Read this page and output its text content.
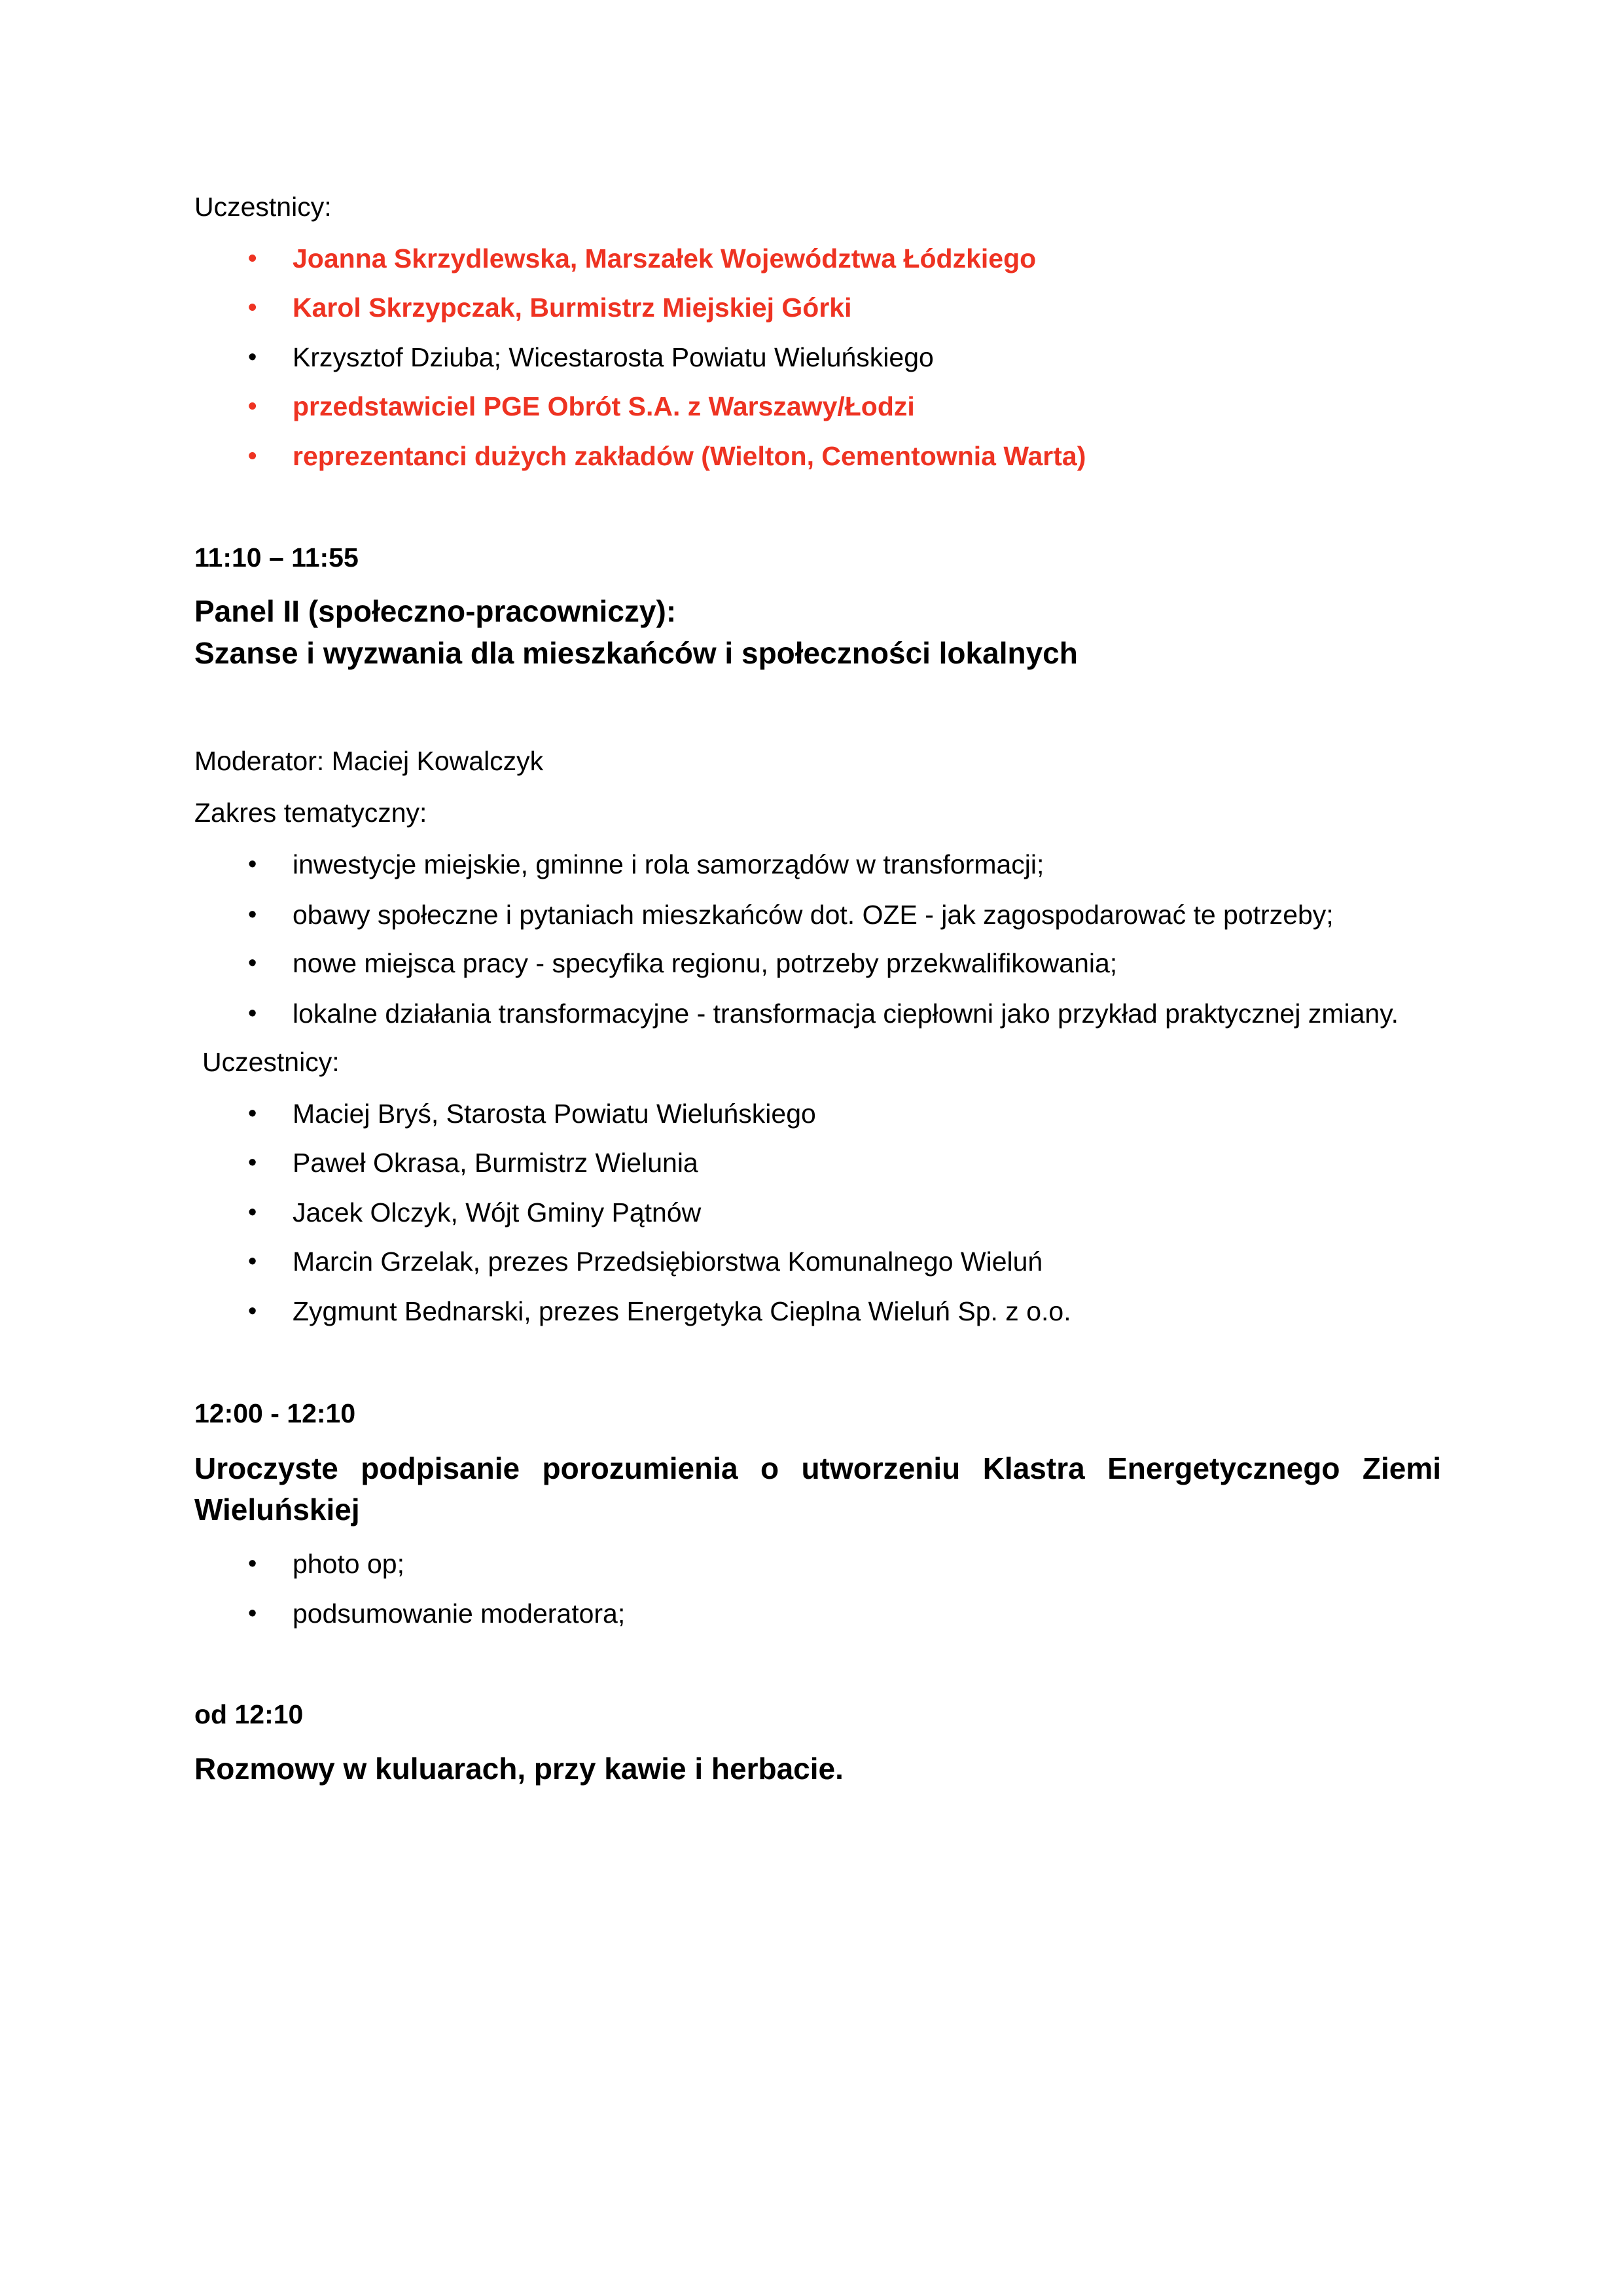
Uczestnicy:
• Joanna Skrzydlewska, Marszałek Województwa Łódzkiego
• Karol Skrzypczak, Burmistrz Miejskiej Górki
• Krzysztof Dziuba; Wicestarosta Powiatu Wieluńskiego
• przedstawiciel PGE Obrót S.A. z Warszawy/Łodzi
• reprezentanci dużych zakładów (Wielton, Cementownia Warta)
11:10 – 11:55
Panel II (społeczno-pracowniczy):
Szanse i wyzwania dla mieszkańców i społeczności lokalnych
Moderator: Maciej Kowalczyk
Zakres tematyczny:
• inwestycje miejskie, gminne i rola samorządów w transformacji;
• obawy społeczne i pytaniach mieszkańców dot. OZE - jak zagospodarować te potrzeby;
• nowe miejsca pracy - specyfika regionu, potrzeby przekwalifikowania;
• lokalne działania transformacyjne - transformacja ciepłowni jako przykład praktycznej zmiany.
Uczestnicy:
• Maciej Bryś, Starosta Powiatu Wieluńskiego
• Paweł Okrasa, Burmistrz Wielunia
• Jacek Olczyk, Wójt Gminy Pątnów
• Marcin Grzelak, prezes Przedsiębiorstwa Komunalnego Wieluń
• Zygmunt Bednarski, prezes Energetyka Cieplna Wieluń Sp. z o.o.
12:00 - 12:10
Uroczyste podpisanie porozumienia o utworzeniu Klastra Energetycznego Ziemi
Wieluńskiej
• photo op;
• podsumowanie moderatora;
od 12:10
Rozmowy w kuluarach, przy kawie i herbacie.
